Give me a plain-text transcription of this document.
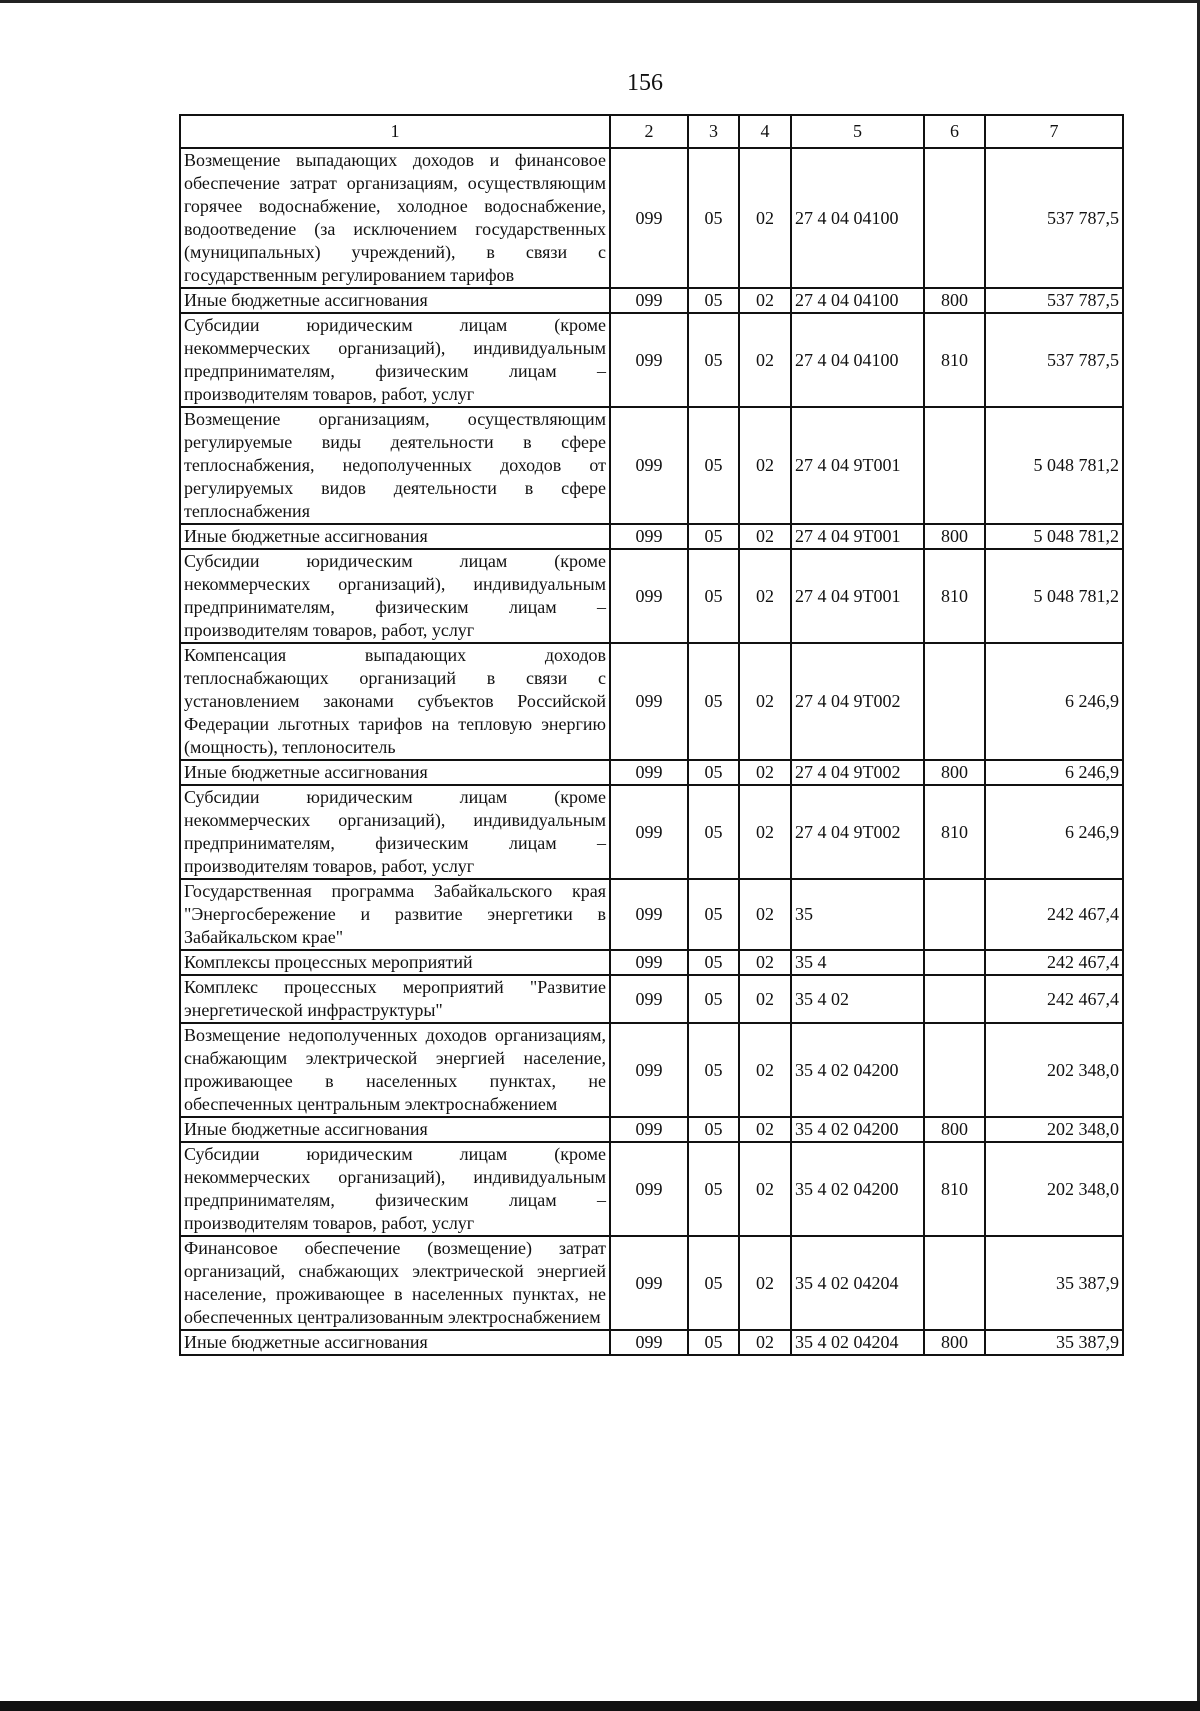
156
1	2	3	4	5	6	7
Возмещение выпадающих доходов и финансовое обеспечение затрат организациям, осуществляющим горячее водоснабжение, холодное водоснабжение, водоотведение (за исключением государственных (муниципальных) учреждений), в связи с государственным регулированием тарифов	099	05	02	27 4 04 04100		537 787,5
Иные бюджетные ассигнования	099	05	02	27 4 04 04100	800	537 787,5
Субсидии юридическим лицам (кроме некоммерческих организаций), индивидуальным предпринимателям, физическим лицам – производителям товаров, работ, услуг	099	05	02	27 4 04 04100	810	537 787,5
Возмещение организациям, осуществляющим регулируемые виды деятельности в сфере теплоснабжения, недополученных доходов от регулируемых видов деятельности в сфере теплоснабжения	099	05	02	27 4 04 9Т001		5 048 781,2
Иные бюджетные ассигнования	099	05	02	27 4 04 9Т001	800	5 048 781,2
Субсидии юридическим лицам (кроме некоммерческих организаций), индивидуальным предпринимателям, физическим лицам – производителям товаров, работ, услуг	099	05	02	27 4 04 9Т001	810	5 048 781,2
Компенсация выпадающих доходов теплоснабжающих организаций в связи с установлением законами субъектов Российской Федерации льготных тарифов на тепловую энергию (мощность), теплоноситель	099	05	02	27 4 04 9Т002		6 246,9
Иные бюджетные ассигнования	099	05	02	27 4 04 9Т002	800	6 246,9
Субсидии юридическим лицам (кроме некоммерческих организаций), индивидуальным предпринимателям, физическим лицам – производителям товаров, работ, услуг	099	05	02	27 4 04 9Т002	810	6 246,9
Государственная программа Забайкальского края "Энергосбережение и развитие энергетики в Забайкальском крае"	099	05	02	35		242 467,4
Комплексы процессных мероприятий	099	05	02	35 4		242 467,4
Комплекс процессных мероприятий "Развитие энергетической инфраструктуры"	099	05	02	35 4 02		242 467,4
Возмещение недополученных доходов организациям, снабжающим электрической энергией население, проживающее в населенных пунктах, не обеспеченных центральным электроснабжением	099	05	02	35 4 02 04200		202 348,0
Иные бюджетные ассигнования	099	05	02	35 4 02 04200	800	202 348,0
Субсидии юридическим лицам (кроме некоммерческих организаций), индивидуальным предпринимателям, физическим лицам – производителям товаров, работ, услуг	099	05	02	35 4 02 04200	810	202 348,0
Финансовое обеспечение (возмещение) затрат организаций, снабжающих электрической энергией население, проживающее в населенных пунктах, не обеспеченных централизованным электроснабжением	099	05	02	35 4 02 04204		35 387,9
Иные бюджетные ассигнования	099	05	02	35 4 02 04204	800	35 387,9
